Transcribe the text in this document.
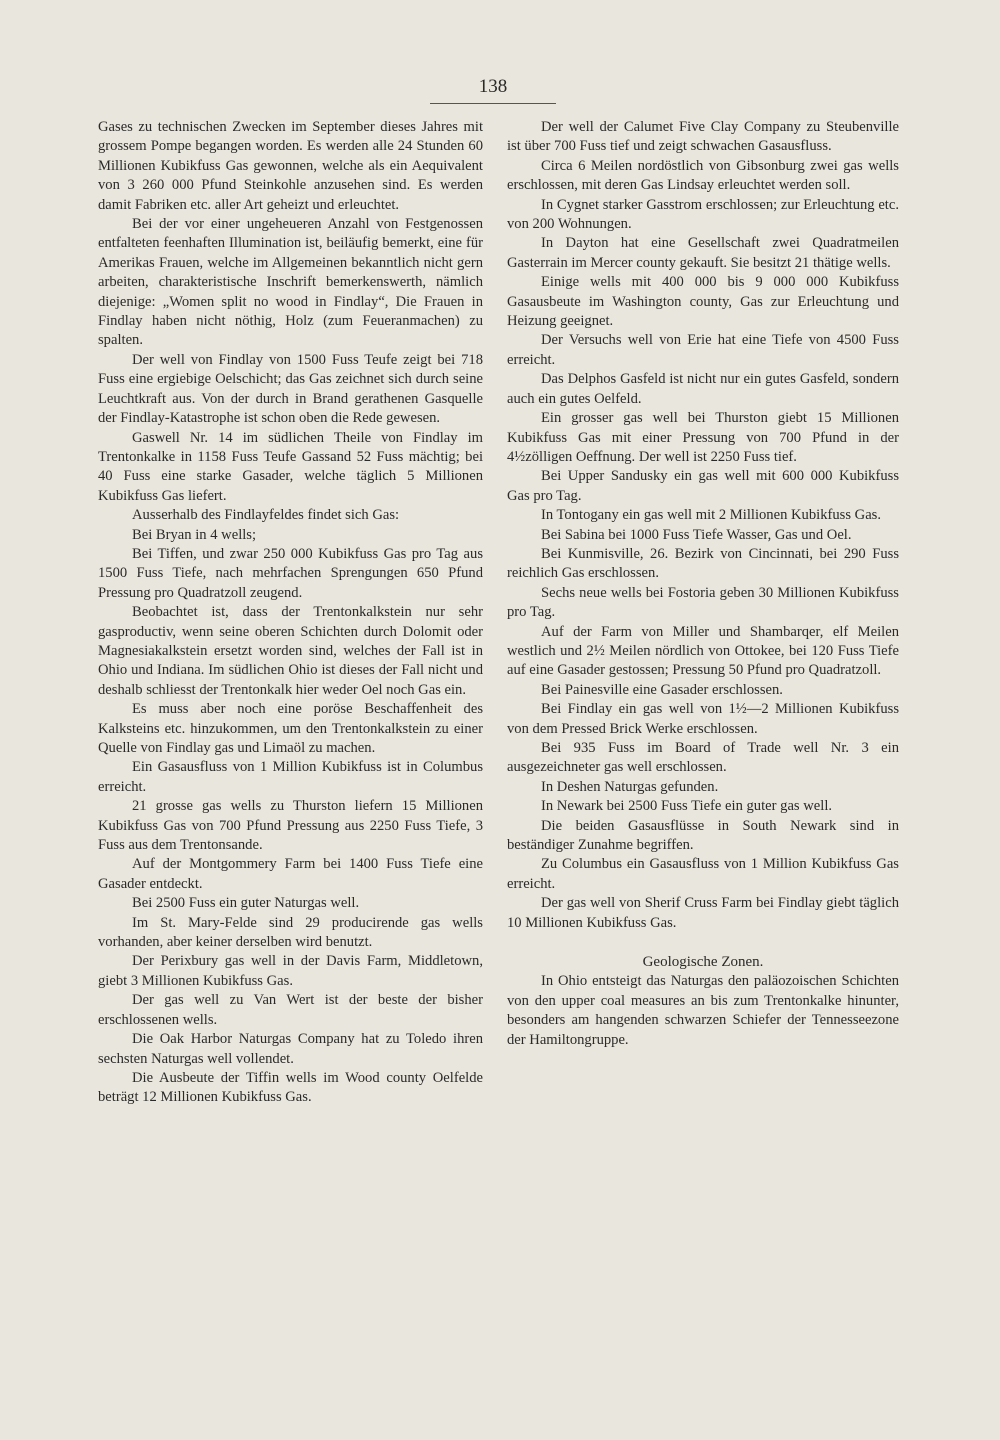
138

Gases zu technischen Zwecken im September dieses Jahres mit grossem Pompe begangen worden. Es werden alle 24 Stunden 60 Millionen Kubikfuss Gas gewonnen, welche als ein Aequivalent von 3 260 000 Pfund Steinkohle anzusehen sind. Es werden damit Fabriken etc. aller Art geheizt und erleuchtet.

Bei der vor einer ungeheueren Anzahl von Festgenossen entfalteten feenhaften Illumination ist, beiläufig bemerkt, eine für Amerikas Frauen, welche im Allgemeinen bekanntlich nicht gern arbeiten, charakteristische Inschrift bemerkenswerth, nämlich diejenige: „Women split no wood in Findlay“, Die Frauen in Findlay haben nicht nöthig, Holz (zum Feueranmachen) zu spalten.

Der well von Findlay von 1500 Fuss Teufe zeigt bei 718 Fuss eine ergiebige Oelschicht; das Gas zeichnet sich durch seine Leuchtkraft aus. Von der durch in Brand gerathenen Gasquelle der Findlay-Katastrophe ist schon oben die Rede gewesen.

Gaswell Nr. 14 im südlichen Theile von Findlay im Trentonkalke in 1158 Fuss Teufe Gassand 52 Fuss mächtig; bei 40 Fuss eine starke Gasader, welche täglich 5 Millionen Kubikfuss Gas liefert.

Ausserhalb des Findlayfeldes findet sich Gas:

Bei Bryan in 4 wells;

Bei Tiffen, und zwar 250 000 Kubikfuss Gas pro Tag aus 1500 Fuss Tiefe, nach mehrfachen Sprengungen 650 Pfund Pressung pro Quadratzoll zeugend.

Beobachtet ist, dass der Trentonkalkstein nur sehr gasproductiv, wenn seine oberen Schichten durch Dolomit oder Magnesiakalkstein ersetzt worden sind, welches der Fall ist in Ohio und Indiana. Im südlichen Ohio ist dieses der Fall nicht und deshalb schliesst der Trentonkalk hier weder Oel noch Gas ein.

Es muss aber noch eine poröse Beschaffenheit des Kalksteins etc. hinzukommen, um den Trentonkalkstein zu einer Quelle von Findlay gas und Limaöl zu machen.

Ein Gasausfluss von 1 Million Kubikfuss ist in Columbus erreicht.

21 grosse gas wells zu Thurston liefern 15 Millionen Kubikfuss Gas von 700 Pfund Pressung aus 2250 Fuss Tiefe, 3 Fuss aus dem Trentonsande.

Auf der Montgommery Farm bei 1400 Fuss Tiefe eine Gasader entdeckt.

Bei 2500 Fuss ein guter Naturgas well.

Im St. Mary-Felde sind 29 producirende gas wells vorhanden, aber keiner derselben wird benutzt.

Der Perixbury gas well in der Davis Farm, Middletown, giebt 3 Millionen Kubikfuss Gas.

Der gas well zu Van Wert ist der beste der bisher erschlossenen wells.

Die Oak Harbor Naturgas Company hat zu Toledo ihren sechsten Naturgas well vollendet.

Die Ausbeute der Tiffin wells im Wood county Oelfelde beträgt 12 Millionen Kubikfuss Gas.

Der well der Calumet Five Clay Company zu Steubenville ist über 700 Fuss tief und zeigt schwachen Gasausfluss.

Circa 6 Meilen nordöstlich von Gibsonburg zwei gas wells erschlossen, mit deren Gas Lindsay erleuchtet werden soll.

In Cygnet starker Gasstrom erschlossen; zur Erleuchtung etc. von 200 Wohnungen.

In Dayton hat eine Gesellschaft zwei Quadratmeilen Gasterrain im Mercer county gekauft. Sie besitzt 21 thätige wells.

Einige wells mit 400 000 bis 9 000 000 Kubikfuss Gasausbeute im Washington county, Gas zur Erleuchtung und Heizung geeignet.

Der Versuchs well von Erie hat eine Tiefe von 4500 Fuss erreicht.

Das Delphos Gasfeld ist nicht nur ein gutes Gasfeld, sondern auch ein gutes Oelfeld.

Ein grosser gas well bei Thurston giebt 15 Millionen Kubikfuss Gas mit einer Pressung von 700 Pfund in der 4½zölligen Oeffnung. Der well ist 2250 Fuss tief.

Bei Upper Sandusky ein gas well mit 600 000 Kubikfuss Gas pro Tag.

In Tontogany ein gas well mit 2 Millionen Kubikfuss Gas.

Bei Sabina bei 1000 Fuss Tiefe Wasser, Gas und Oel.

Bei Kunmisville, 26. Bezirk von Cincinnati, bei 290 Fuss reichlich Gas erschlossen.

Sechs neue wells bei Fostoria geben 30 Millionen Kubikfuss pro Tag.

Auf der Farm von Miller und Shambarqer, elf Meilen westlich und 2½ Meilen nördlich von Ottokee, bei 120 Fuss Tiefe auf eine Gasader gestossen; Pressung 50 Pfund pro Quadratzoll.

Bei Painesville eine Gasader erschlossen.

Bei Findlay ein gas well von 1½—2 Millionen Kubikfuss von dem Pressed Brick Werke erschlossen.

Bei 935 Fuss im Board of Trade well Nr. 3 ein ausgezeichneter gas well erschlossen.

In Deshen Naturgas gefunden.

In Newark bei 2500 Fuss Tiefe ein guter gas well.

Die beiden Gasausflüsse in South Newark sind in beständiger Zunahme begriffen.

Zu Columbus ein Gasausfluss von 1 Million Kubikfuss Gas erreicht.

Der gas well von Sherif Cruss Farm bei Findlay giebt täglich 10 Millionen Kubikfuss Gas.

Geologische Zonen.

In Ohio entsteigt das Naturgas den paläozoischen Schichten von den upper coal measures an bis zum Trentonkalke hinunter, besonders am hangenden schwarzen Schiefer der Tennesseezone der Hamiltongruppe.
